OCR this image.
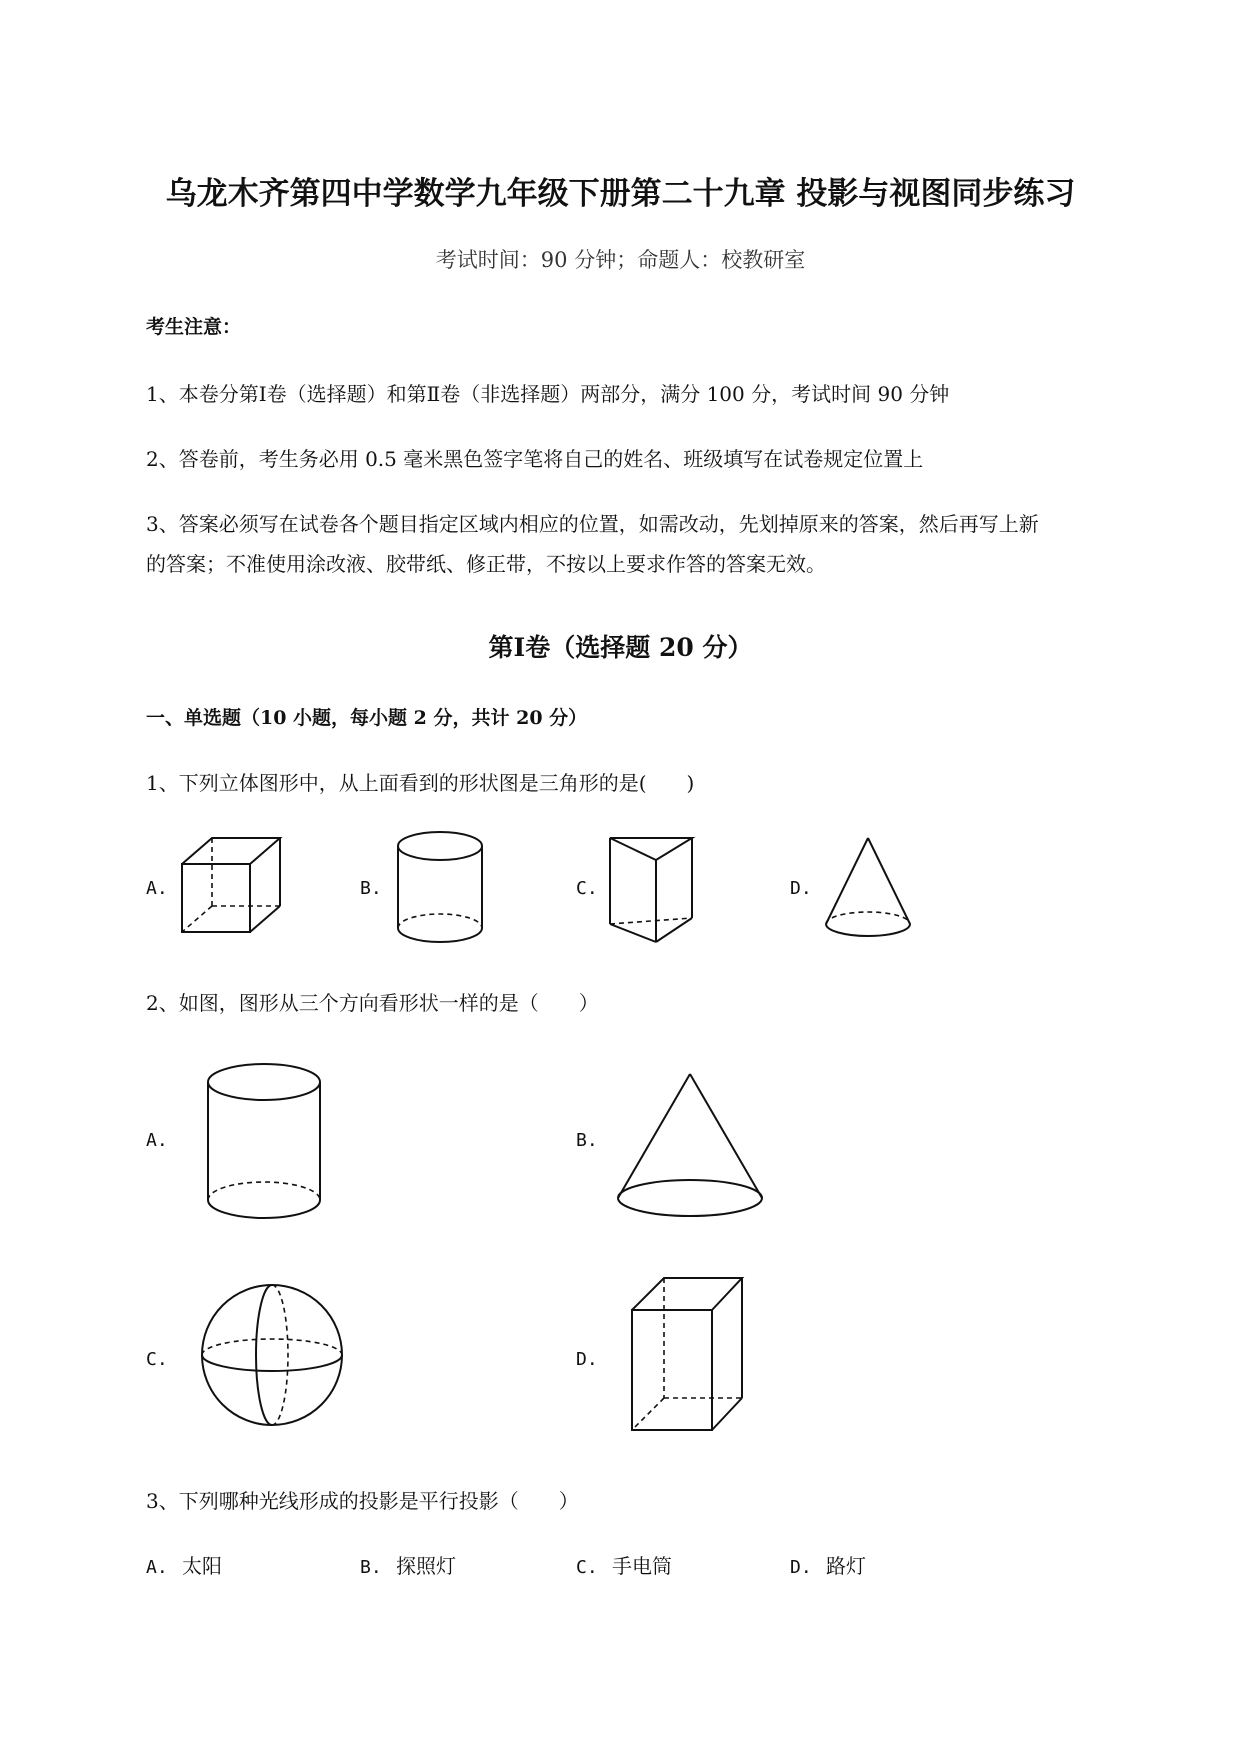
乌龙木齐第四中学数学九年级下册第二十九章 投影与视图同步练习
考试时间：90 分钟；命题人：校教研室
考生注意：
1、本卷分第Ⅰ卷（选择题）和第Ⅱ卷（非选择题）两部分，满分 100 分，考试时间 90 分钟
2、答卷前，考生务必用 0.5 毫米黑色签字笔将自己的姓名、班级填写在试卷规定位置上
3、答案必须写在试卷各个题目指定区域内相应的位置，如需改动，先划掉原来的答案，然后再写上新
的答案；不准使用涂改液、胶带纸、修正带，不按以上要求作答的答案无效。
第Ⅰ卷（选择题 20 分）
一、单选题（10 小题，每小题 2 分，共计 20 分）
1、下列立体图形中，从上面看到的形状图是三角形的是(　　)
A.	B.	C.	D.
2、如图，图形从三个方向看形状一样的是（　　）
A.	B.
C.	D.
3、下列哪种光线形成的投影是平行投影（　　）
A. 太阳	B. 探照灯	C. 手电筒	D. 路灯
